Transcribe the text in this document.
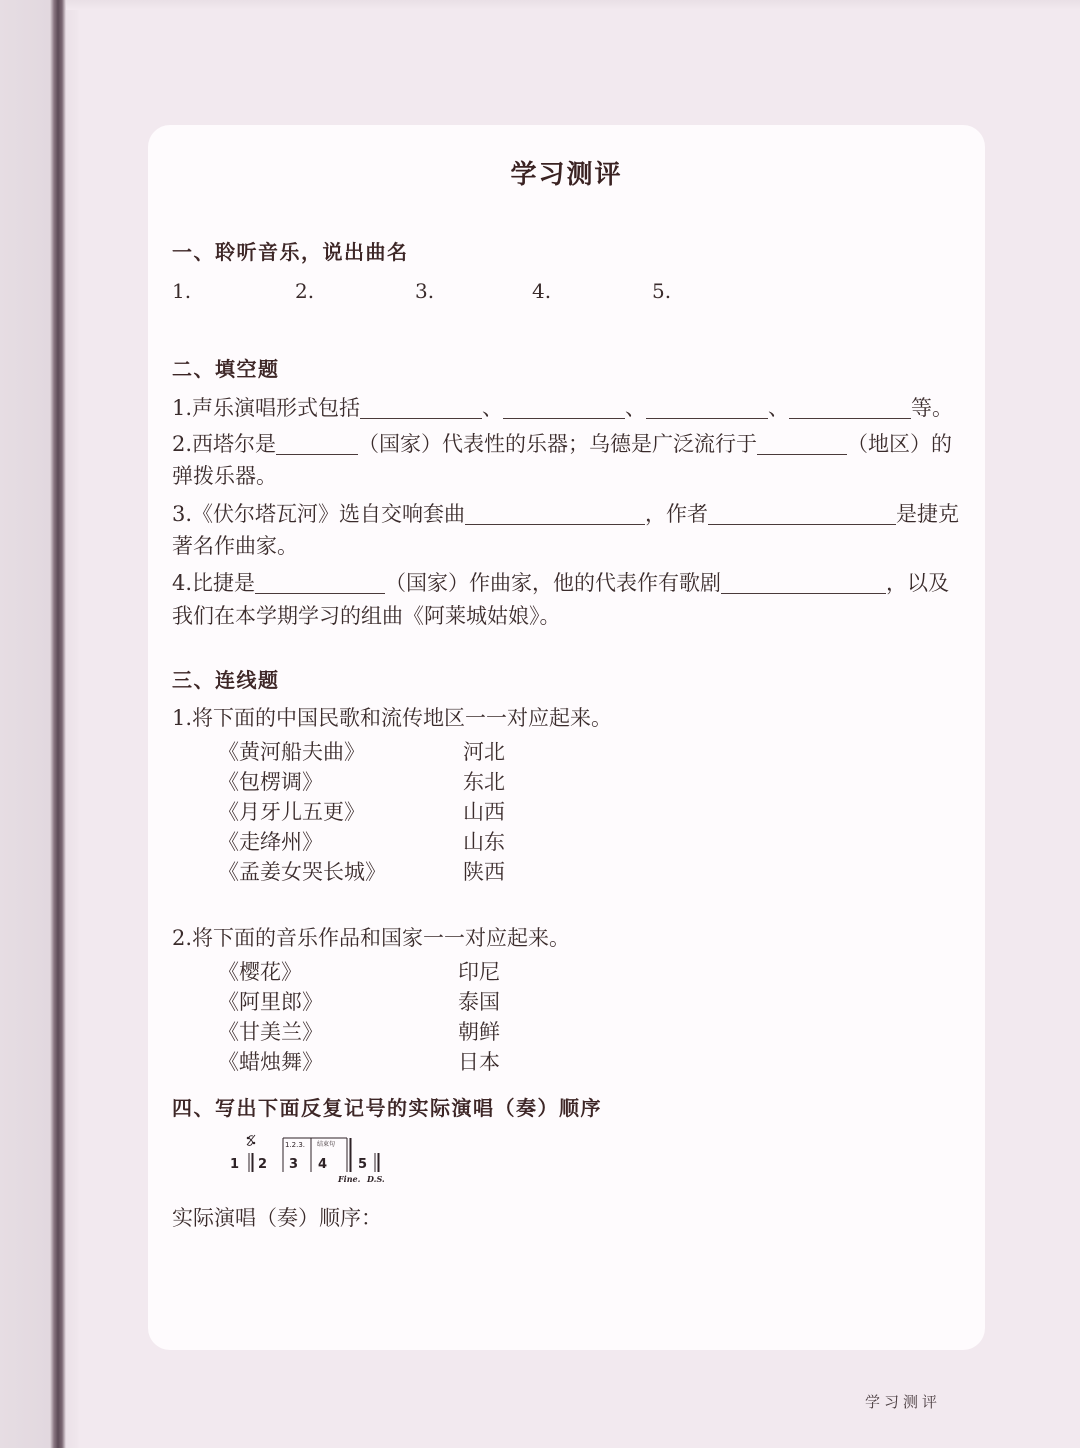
学习测评
一、聆听音乐，说出曲名
1.	2.	3.	4.	5.
二、填空题
1.声乐演唱形式包括	、	、	、	等。
2.西塔尔是	（国家）代表性的乐器；乌德是广泛流行于	（地区）的
弹拨乐器。
3.《伏尔塔瓦河》选自交响套曲	，作者	是捷克
著名作曲家。
4.比捷是	（国家）作曲家，他的代表作有歌剧	，以及
我们在本学期学习的组曲《阿莱城姑娘》。
三、连线题
1.将下面的中国民歌和流传地区一一对应起来。
《黄河船夫曲》	河北
《包楞调》	东北
《月牙儿五更》	山西
《走绛州》	山东
《孟姜女哭长城》	陕西
2.将下面的音乐作品和国家一一对应起来。
《樱花》	印尼
《阿里郎》	泰国
《甘美兰》	朝鲜
《蜡烛舞》	日本
四、写出下面反复记号的实际演唱（奏）顺序
1 2 3 4 5
1.2.3. 结束句
Fine. D.S.
实际演唱（奏）顺序：
学习测评
